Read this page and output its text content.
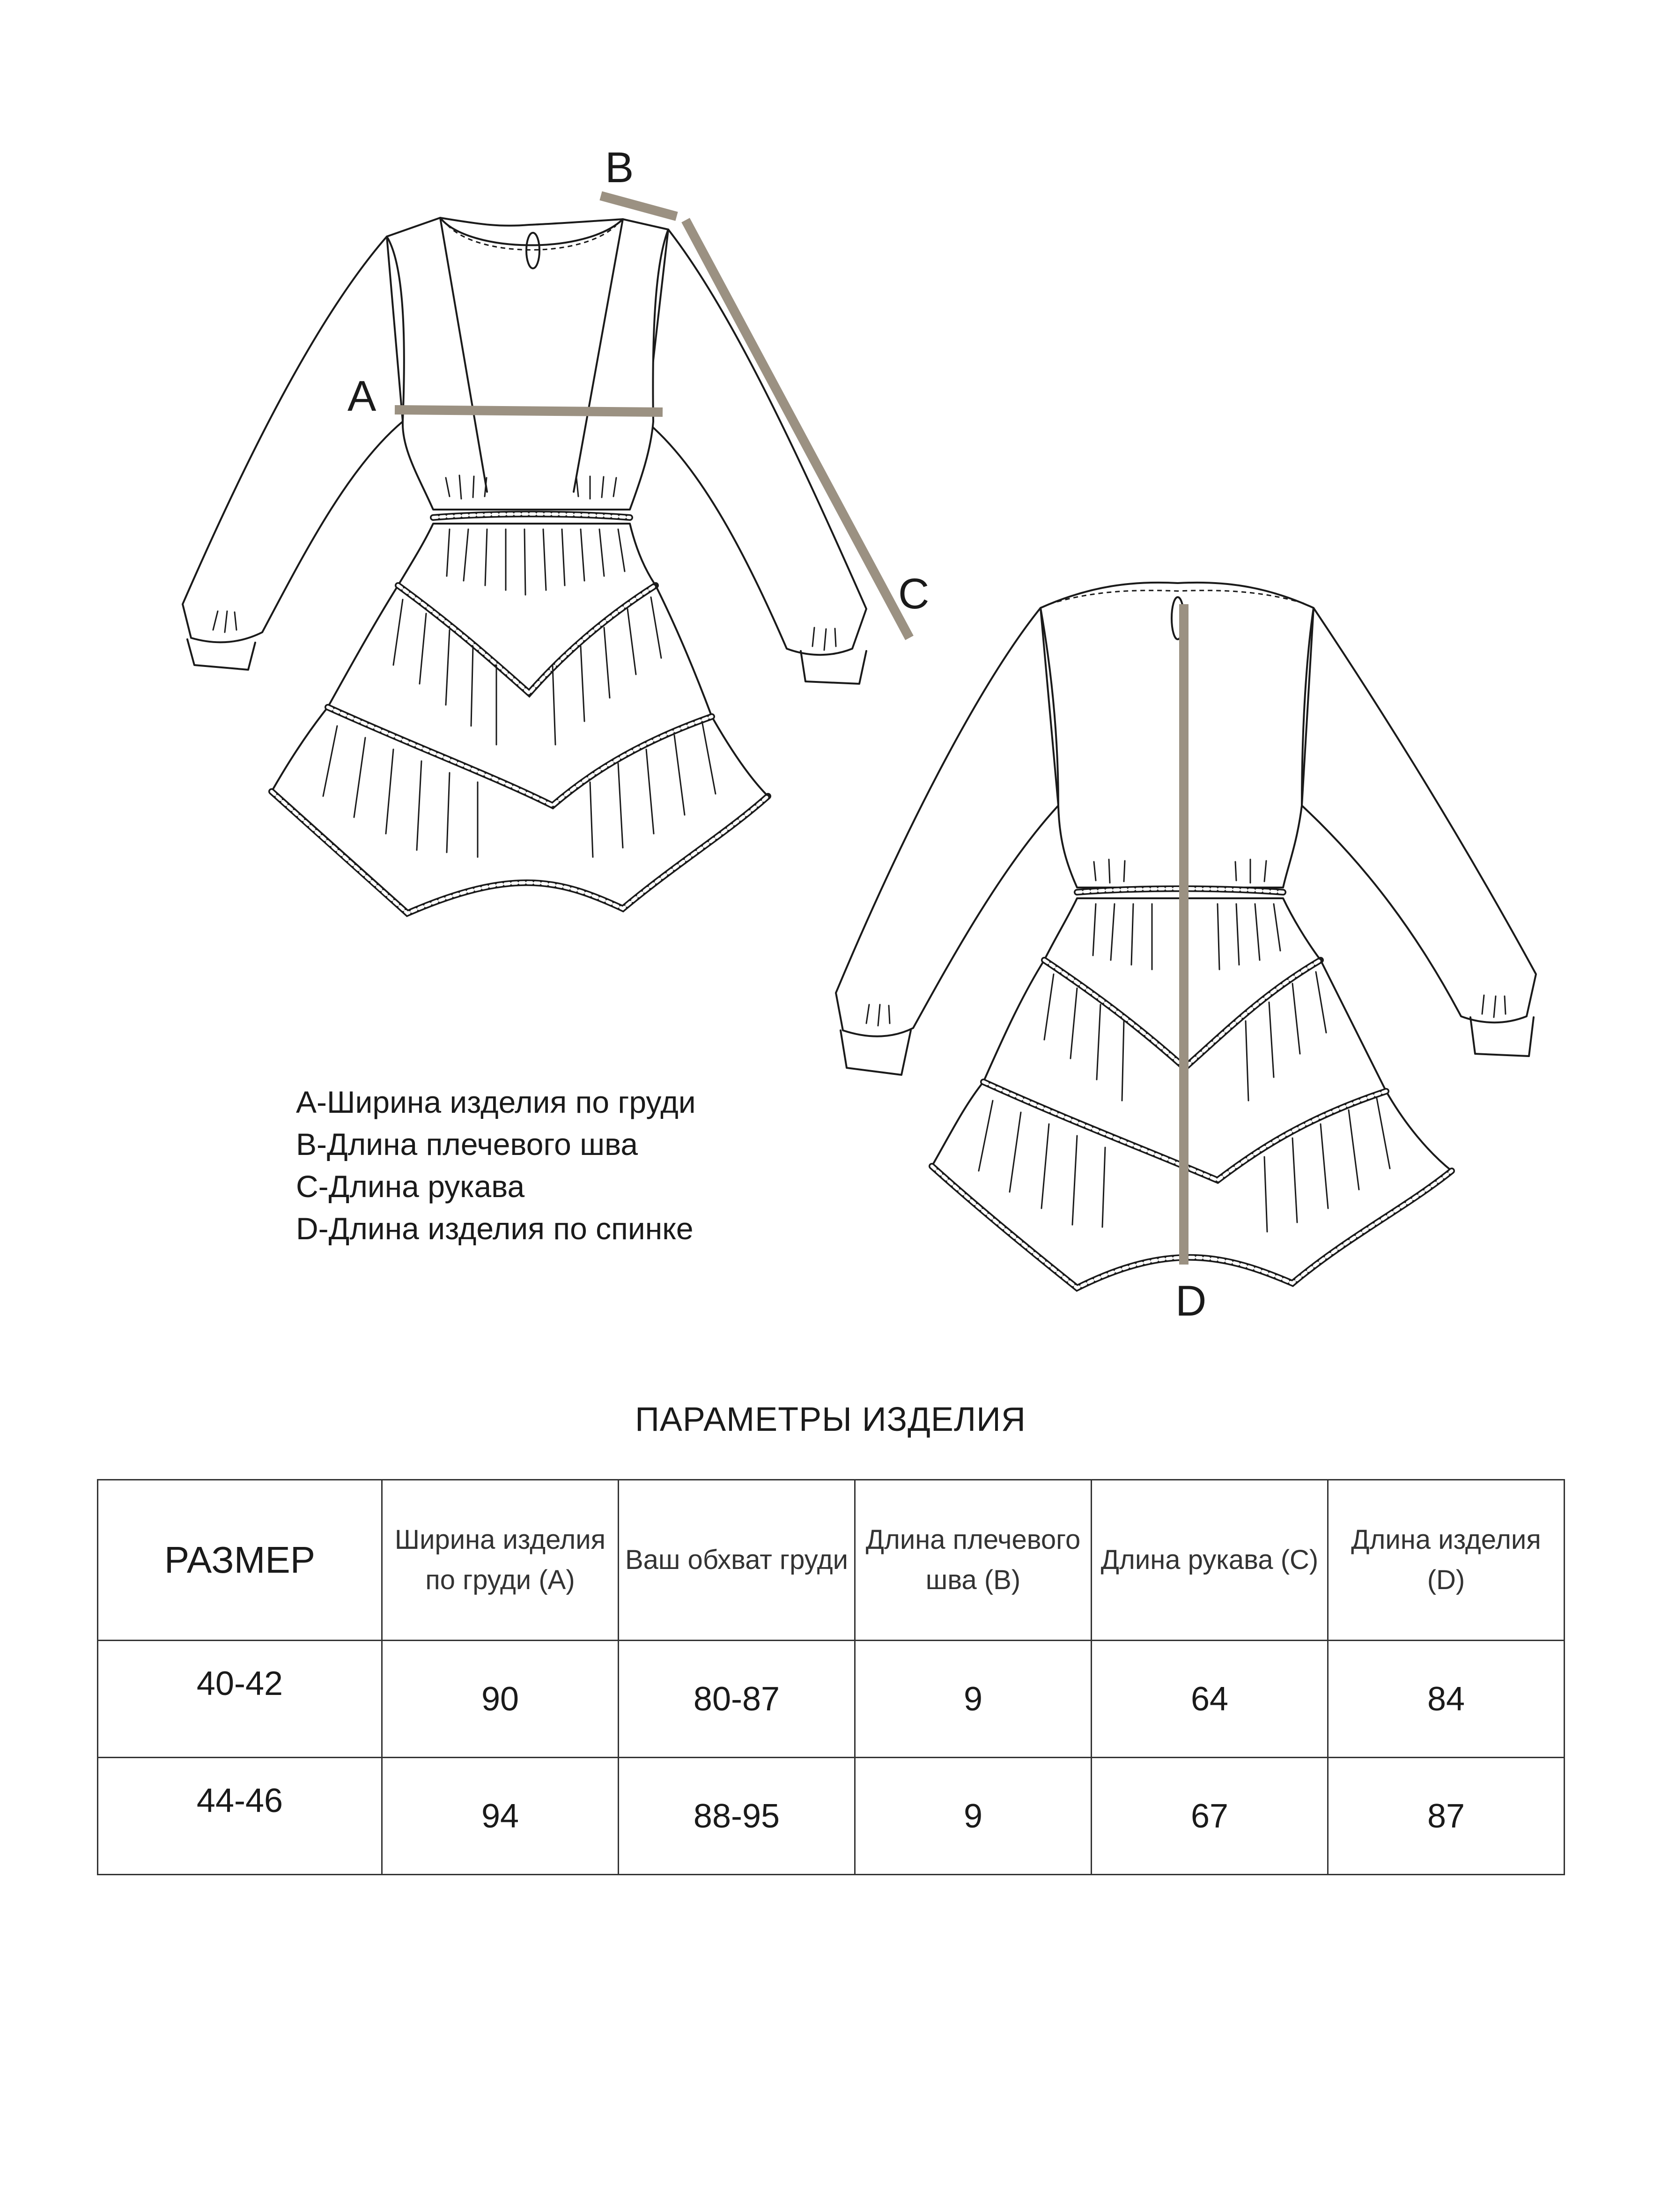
A
B
C
D
A-Ширина изделия по груди
B-Длина плечевого шва
C-Длина рукава
D-Длина изделия по спинке
ПАРАМЕТРЫ ИЗДЕЛИЯ
РАЗМЕР	Ширина изделия по груди (A)	Ваш обхват груди	Длина плечевого шва (B)	Длина рукава (C)	Длина изделия (D)
40-42	90	80-87	9	64	84
44-46	94	88-95	9	67	87
